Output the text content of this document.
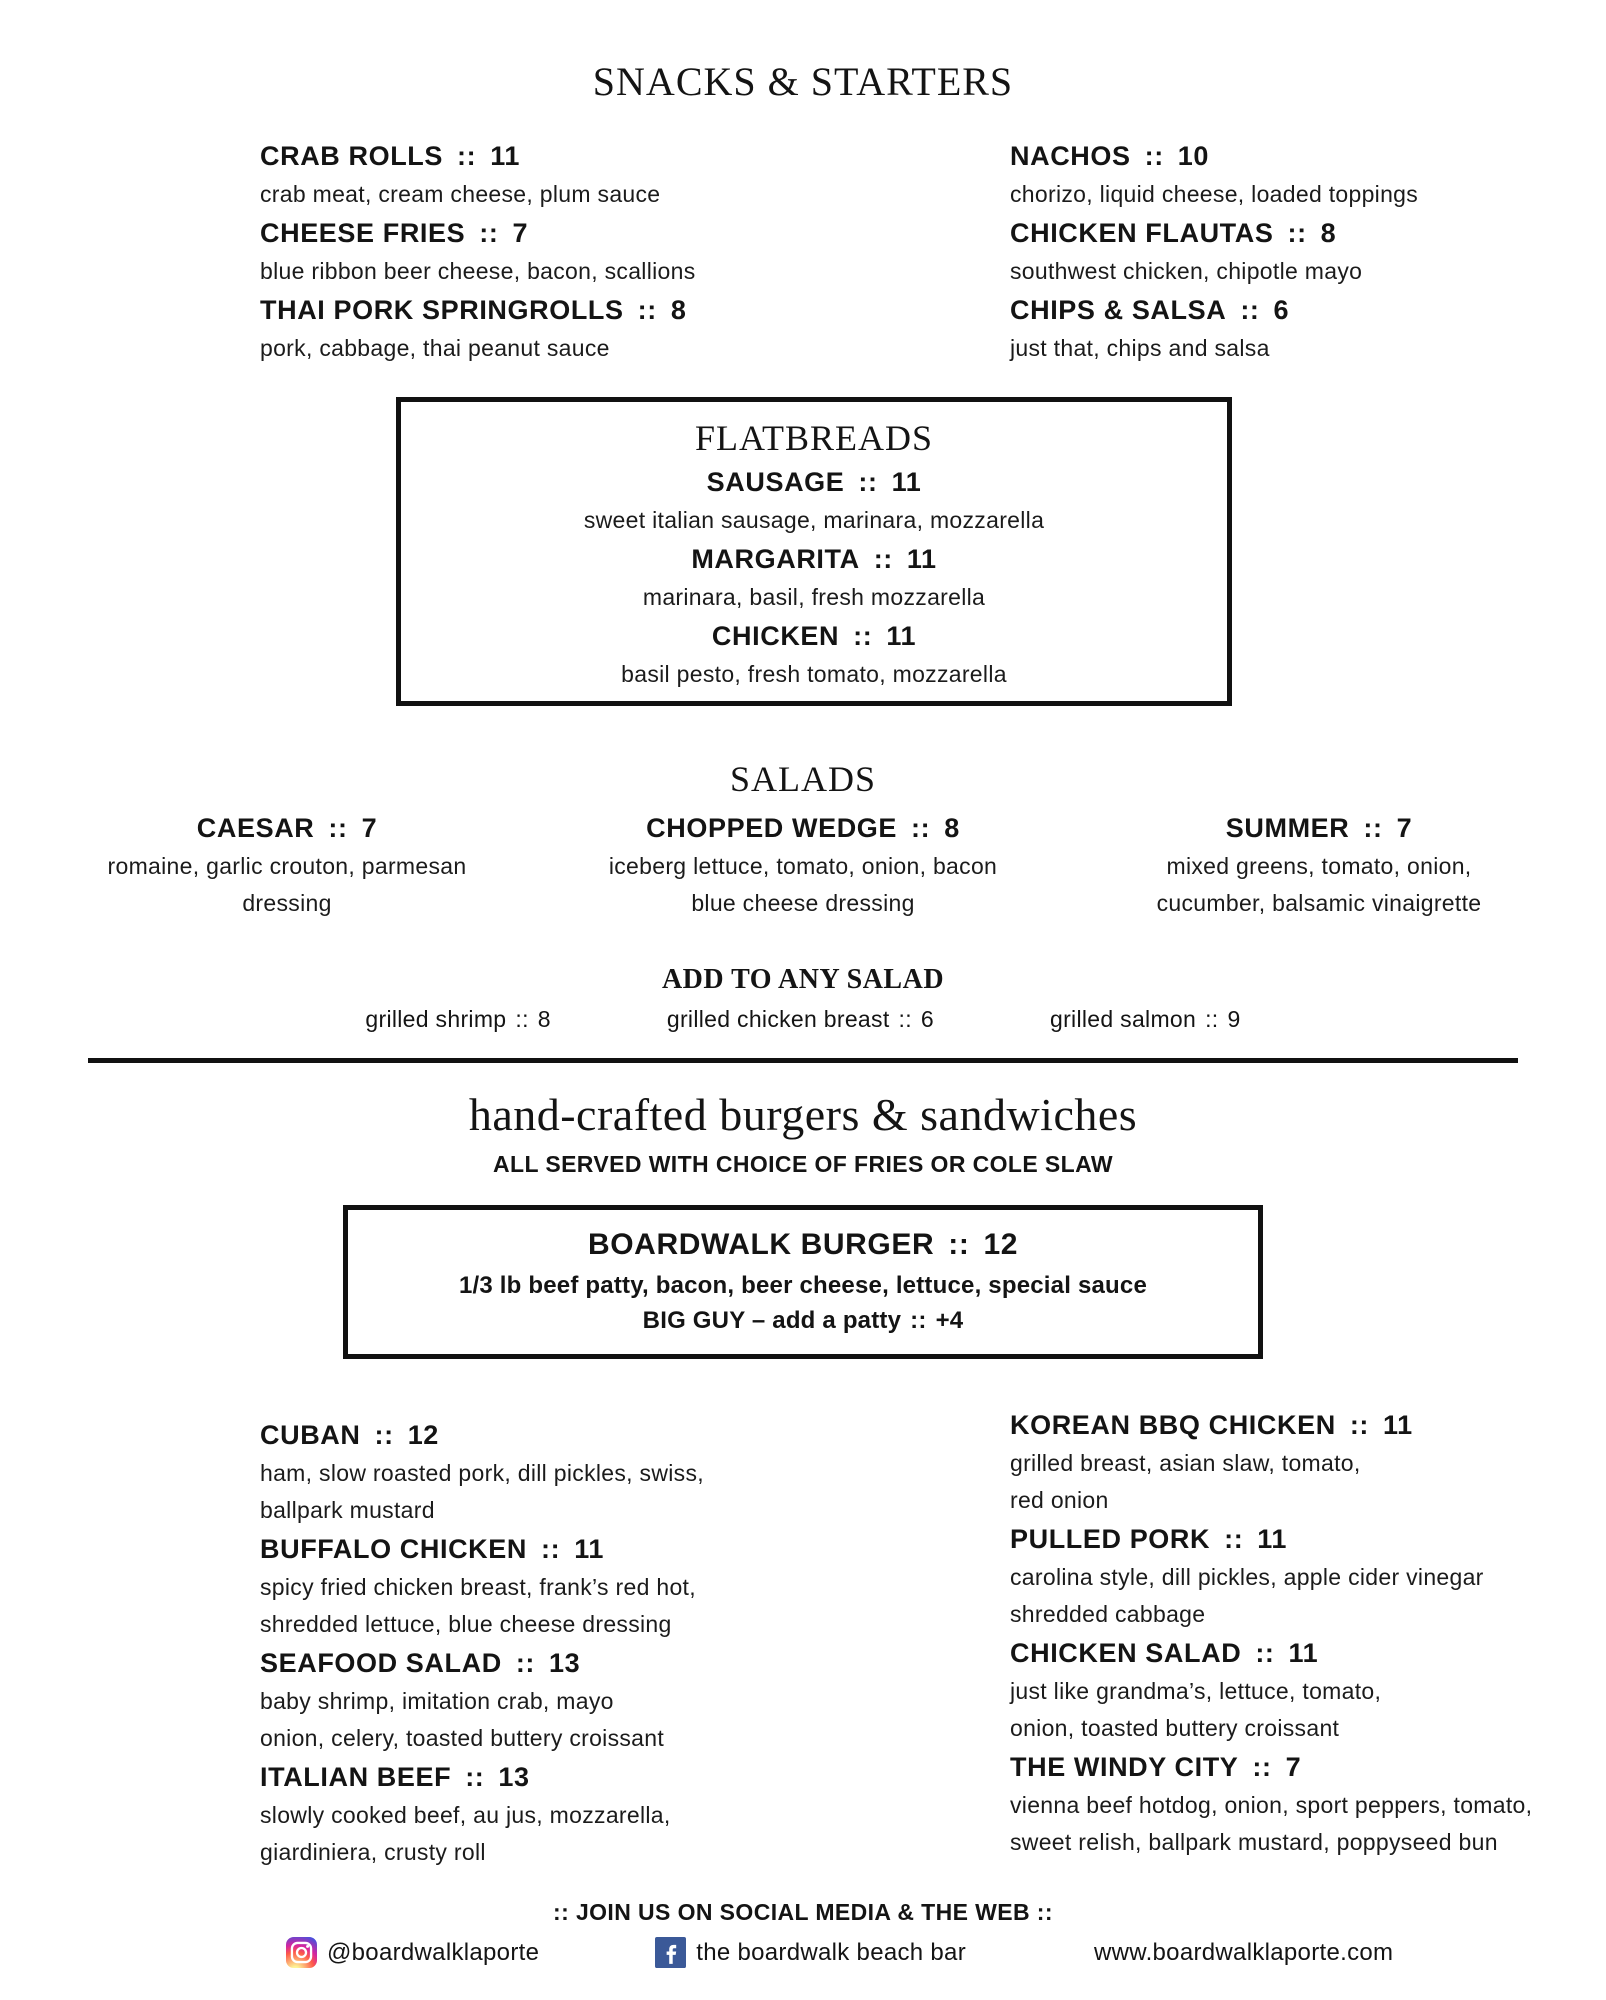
SNACKS & STARTERS
CRAB ROLLS :: 11
crab meat, cream cheese, plum sauce
CHEESE FRIES :: 7
blue ribbon beer cheese, bacon, scallions
THAI PORK SPRINGROLLS :: 8
pork, cabbage, thai peanut sauce
NACHOS :: 10
chorizo, liquid cheese, loaded toppings
CHICKEN FLAUTAS :: 8
southwest chicken, chipotle mayo
CHIPS & SALSA :: 6
just that, chips and salsa
FLATBREADS
SAUSAGE :: 11
sweet italian sausage, marinara, mozzarella
MARGARITA :: 11
marinara, basil, fresh mozzarella
CHICKEN :: 11
basil pesto, fresh tomato, mozzarella
SALADS
CAESAR :: 7
romaine, garlic crouton, parmesan
dressing
CHOPPED WEDGE :: 8
iceberg lettuce, tomato, onion, bacon
blue cheese dressing
SUMMER :: 7
mixed greens, tomato, onion,
cucumber, balsamic vinaigrette
ADD TO ANY SALAD
grilled shrimp :: 8	grilled chicken breast :: 6	grilled salmon :: 9
hand-crafted burgers & sandwiches
ALL SERVED WITH CHOICE OF FRIES OR COLE SLAW
BOARDWALK BURGER :: 12
1/3 lb beef patty, bacon, beer cheese, lettuce, special sauce
BIG GUY – add a patty :: +4
CUBAN :: 12
ham, slow roasted pork, dill pickles, swiss,
ballpark mustard
BUFFALO CHICKEN :: 11
spicy fried chicken breast, frank’s red hot,
shredded lettuce, blue cheese dressing
SEAFOOD SALAD :: 13
baby shrimp, imitation crab, mayo
onion, celery, toasted buttery croissant
ITALIAN BEEF :: 13
slowly cooked beef, au jus, mozzarella,
giardiniera, crusty roll
KOREAN BBQ CHICKEN :: 11
grilled breast, asian slaw, tomato,
red onion
PULLED PORK :: 11
carolina style, dill pickles, apple cider vinegar
shredded cabbage
CHICKEN SALAD :: 11
just like grandma’s, lettuce, tomato,
onion, toasted buttery croissant
THE WINDY CITY :: 7
vienna beef hotdog, onion, sport peppers, tomato,
sweet relish, ballpark mustard, poppyseed bun
:: JOIN US ON SOCIAL MEDIA & THE WEB ::
@boardwalklaporte	the boardwalk beach bar	www.boardwalklaporte.com
